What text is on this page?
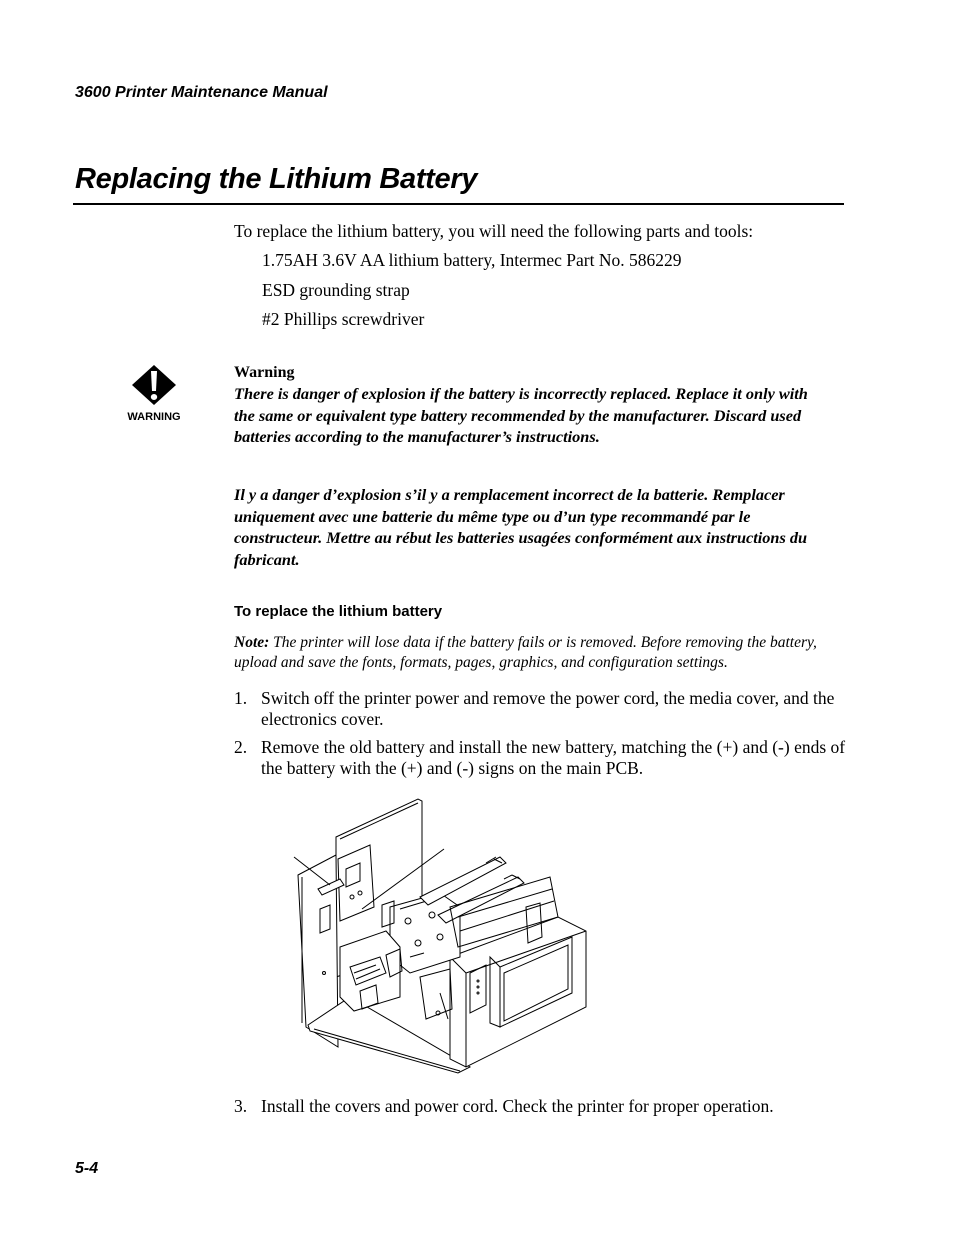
3600 Printer Maintenance Manual
Replacing the Lithium Battery
To replace the lithium battery, you will need the following parts and tools:
1.75AH 3.6V AA lithium battery, Intermec Part No. 586229
ESD grounding strap
#2 Phillips screwdriver
WARNING
Warning
There is danger of explosion if the battery is incorrectly replaced. Replace it only with the same or equivalent type battery recommended by the manufacturer. Discard used batteries according to the manufacturer’s instructions.
Il y a danger d’explosion s’il y a remplacement incorrect de la batterie. Remplacer uniquement avec une batterie du même type ou d’un type recommandé par le constructeur. Mettre au rébut les batteries usagées conformément aux instructions du fabricant.
To replace the lithium battery
Note: The printer will lose data if the battery fails or is removed. Before removing the battery, upload and save the fonts, formats, pages, graphics, and configuration settings.
1. Switch off the printer power and remove the power cord, the media cover, and the electronics cover.
2. Remove the old battery and install the new battery, matching the (+) and (-) ends of the battery with the (+) and (-) signs on the main PCB.
3. Install the covers and power cord. Check the printer for proper operation.
5-4
